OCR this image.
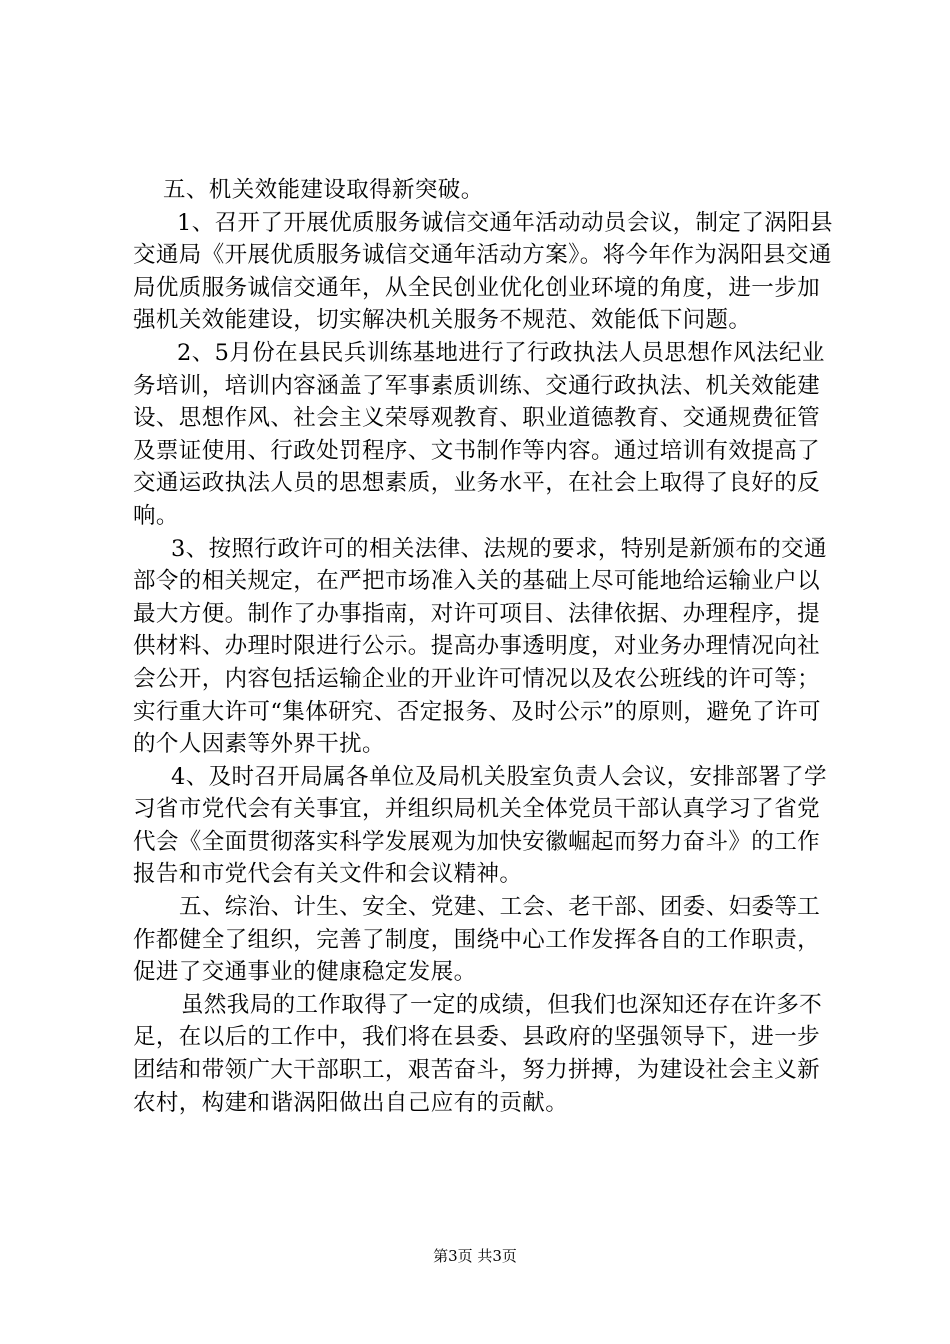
五、机关效能建设取得新突破。

1、召开了开展优质服务诚信交通年活动动员会议，制定了涡阳县交通局《开展优质服务诚信交通年活动方案》。将今年作为涡阳县交通局优质服务诚信交通年，从全民创业优化创业环境的角度，进一步加强机关效能建设，切实解决机关服务不规范、效能低下问题。

2、5月份在县民兵训练基地进行了行政执法人员思想作风法纪业务培训，培训内容涵盖了军事素质训练、交通行政执法、机关效能建设、思想作风、社会主义荣辱观教育、职业道德教育、交通规费征管及票证使用、行政处罚程序、文书制作等内容。通过培训有效提高了交通运政执法人员的思想素质，业务水平，在社会上取得了良好的反响。

3、按照行政许可的相关法律、法规的要求，特别是新颁布的交通部令的相关规定，在严把市场准入关的基础上尽可能地给运输业户以最大方便。制作了办事指南，对许可项目、法律依据、办理程序，提供材料、办理时限进行公示。提高办事透明度，对业务办理情况向社会公开，内容包括运输企业的开业许可情况以及农公班线的许可等；实行重大许可“集体研究、否定报务、及时公示”的原则，避免了许可的个人因素等外界干扰。

4、及时召开局属各单位及局机关股室负责人会议，安排部署了学习省市党代会有关事宜，并组织局机关全体党员干部认真学习了省党代会《全面贯彻落实科学发展观为加快安徽崛起而努力奋斗》的工作报告和市党代会有关文件和会议精神。

五、综治、计生、安全、党建、工会、老干部、团委、妇委等工作都健全了组织，完善了制度，围绕中心工作发挥各自的工作职责，促进了交通事业的健康稳定发展。

虽然我局的工作取得了一定的成绩，但我们也深知还存在许多不足，在以后的工作中，我们将在县委、县政府的坚强领导下，进一步团结和带领广大干部职工，艰苦奋斗，努力拼搏，为建设社会主义新农村，构建和谐涡阳做出自己应有的贡献。

第3页 共3页
